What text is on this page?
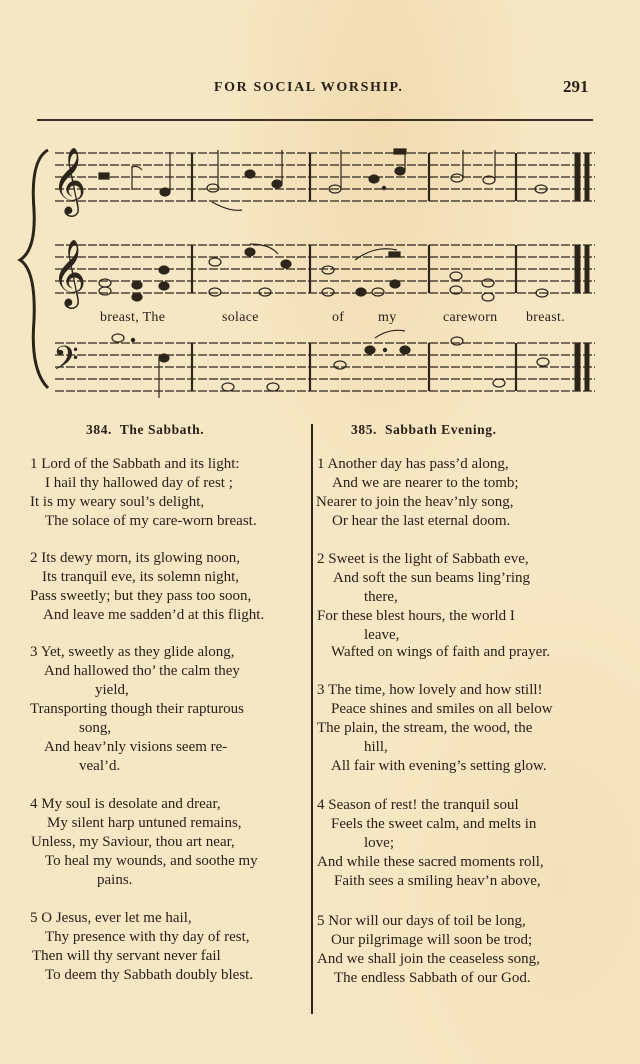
FOR SOCIAL WORSHIP.	291
𝄞
𝄞
𝄢
breast, The	solace	of my	careworn breast.
384.  The Sabbath.	385.  Sabbath Evening.
1 Lord of the Sabbath and its light:
I hail thy hallowed day of rest ;
It is my weary soul’s delight,
The solace of my care-worn breast.
2 Its dewy morn, its glowing noon,
Its tranquil eve, its solemn night,
Pass sweetly; but they pass too soon,
And leave me sadden’d at this flight.
3 Yet, sweetly as they glide along,
And hallowed tho’ the calm they
yield,
Transporting though their rapturous
song,
And heav’nly visions seem re-
veal’d.
4 My soul is desolate and drear,
My silent harp untuned remains,
Unless, my Saviour, thou art near,
To heal my wounds, and soothe my
pains.
5 O Jesus, ever let me hail,
Thy presence with thy day of rest,
Then will thy servant never fail
To deem thy Sabbath doubly blest.
1 Another day has pass’d along,
And we are nearer to the tomb;
Nearer to join the heav’nly song,
Or hear the last eternal doom.
2 Sweet is the light of Sabbath eve,
And soft the sun beams ling’ring
there,
For these blest hours, the world I
leave,
Wafted on wings of faith and prayer.
3 The time, how lovely and how still!
Peace shines and smiles on all below
The plain, the stream, the wood, the
hill,
All fair with evening’s setting glow.
4 Season of rest! the tranquil soul
Feels the sweet calm, and melts in
love;
And while these sacred moments roll,
Faith sees a smiling heav’n above,
5 Nor will our days of toil be long,
Our pilgrimage will soon be trod;
And we shall join the ceaseless song,
The endless Sabbath of our God.
